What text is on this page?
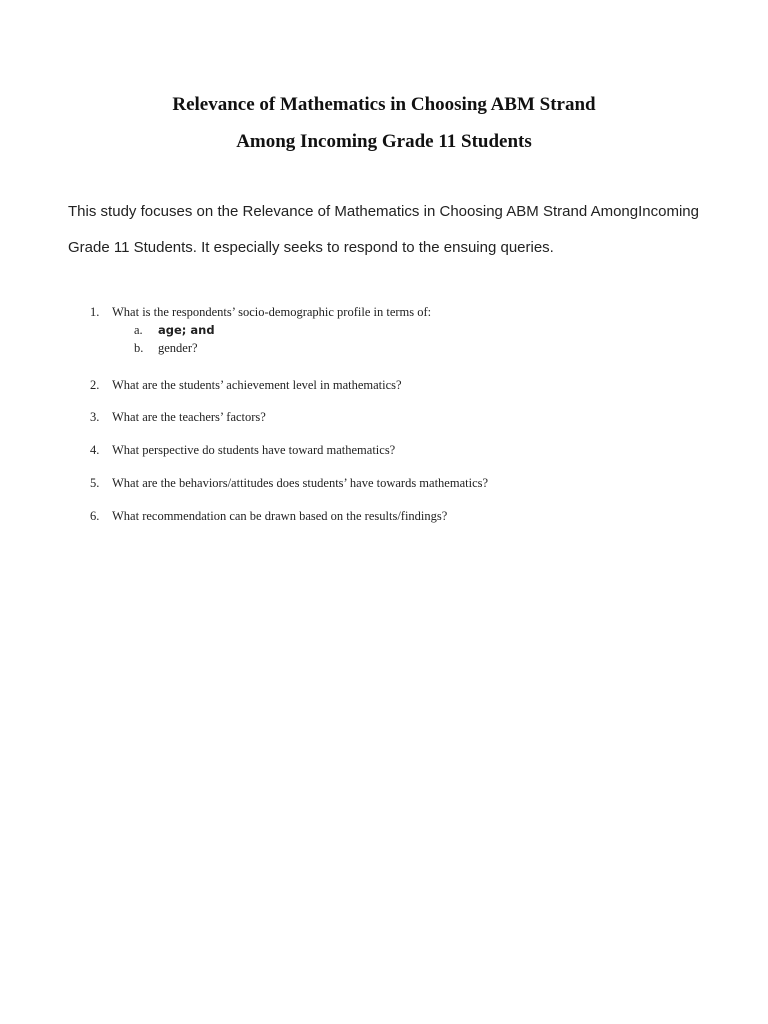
Relevance of Mathematics in Choosing ABM Strand
Among Incoming Grade 11 Students

This study focuses on the Relevance of Mathematics in Choosing ABM Strand AmongIncoming Grade 11 Students. It especially seeks to respond to the ensuing queries.

1. What is the respondents’ socio-demographic profile in terms of:
a. age; and
b. gender?
2. What are the students’ achievement level in mathematics?
3. What are the teachers’ factors?
4. What perspective do students have toward mathematics?
5. What are the behaviors/attitudes does students’ have towards mathematics?
6. What recommendation can be drawn based on the results/findings?
